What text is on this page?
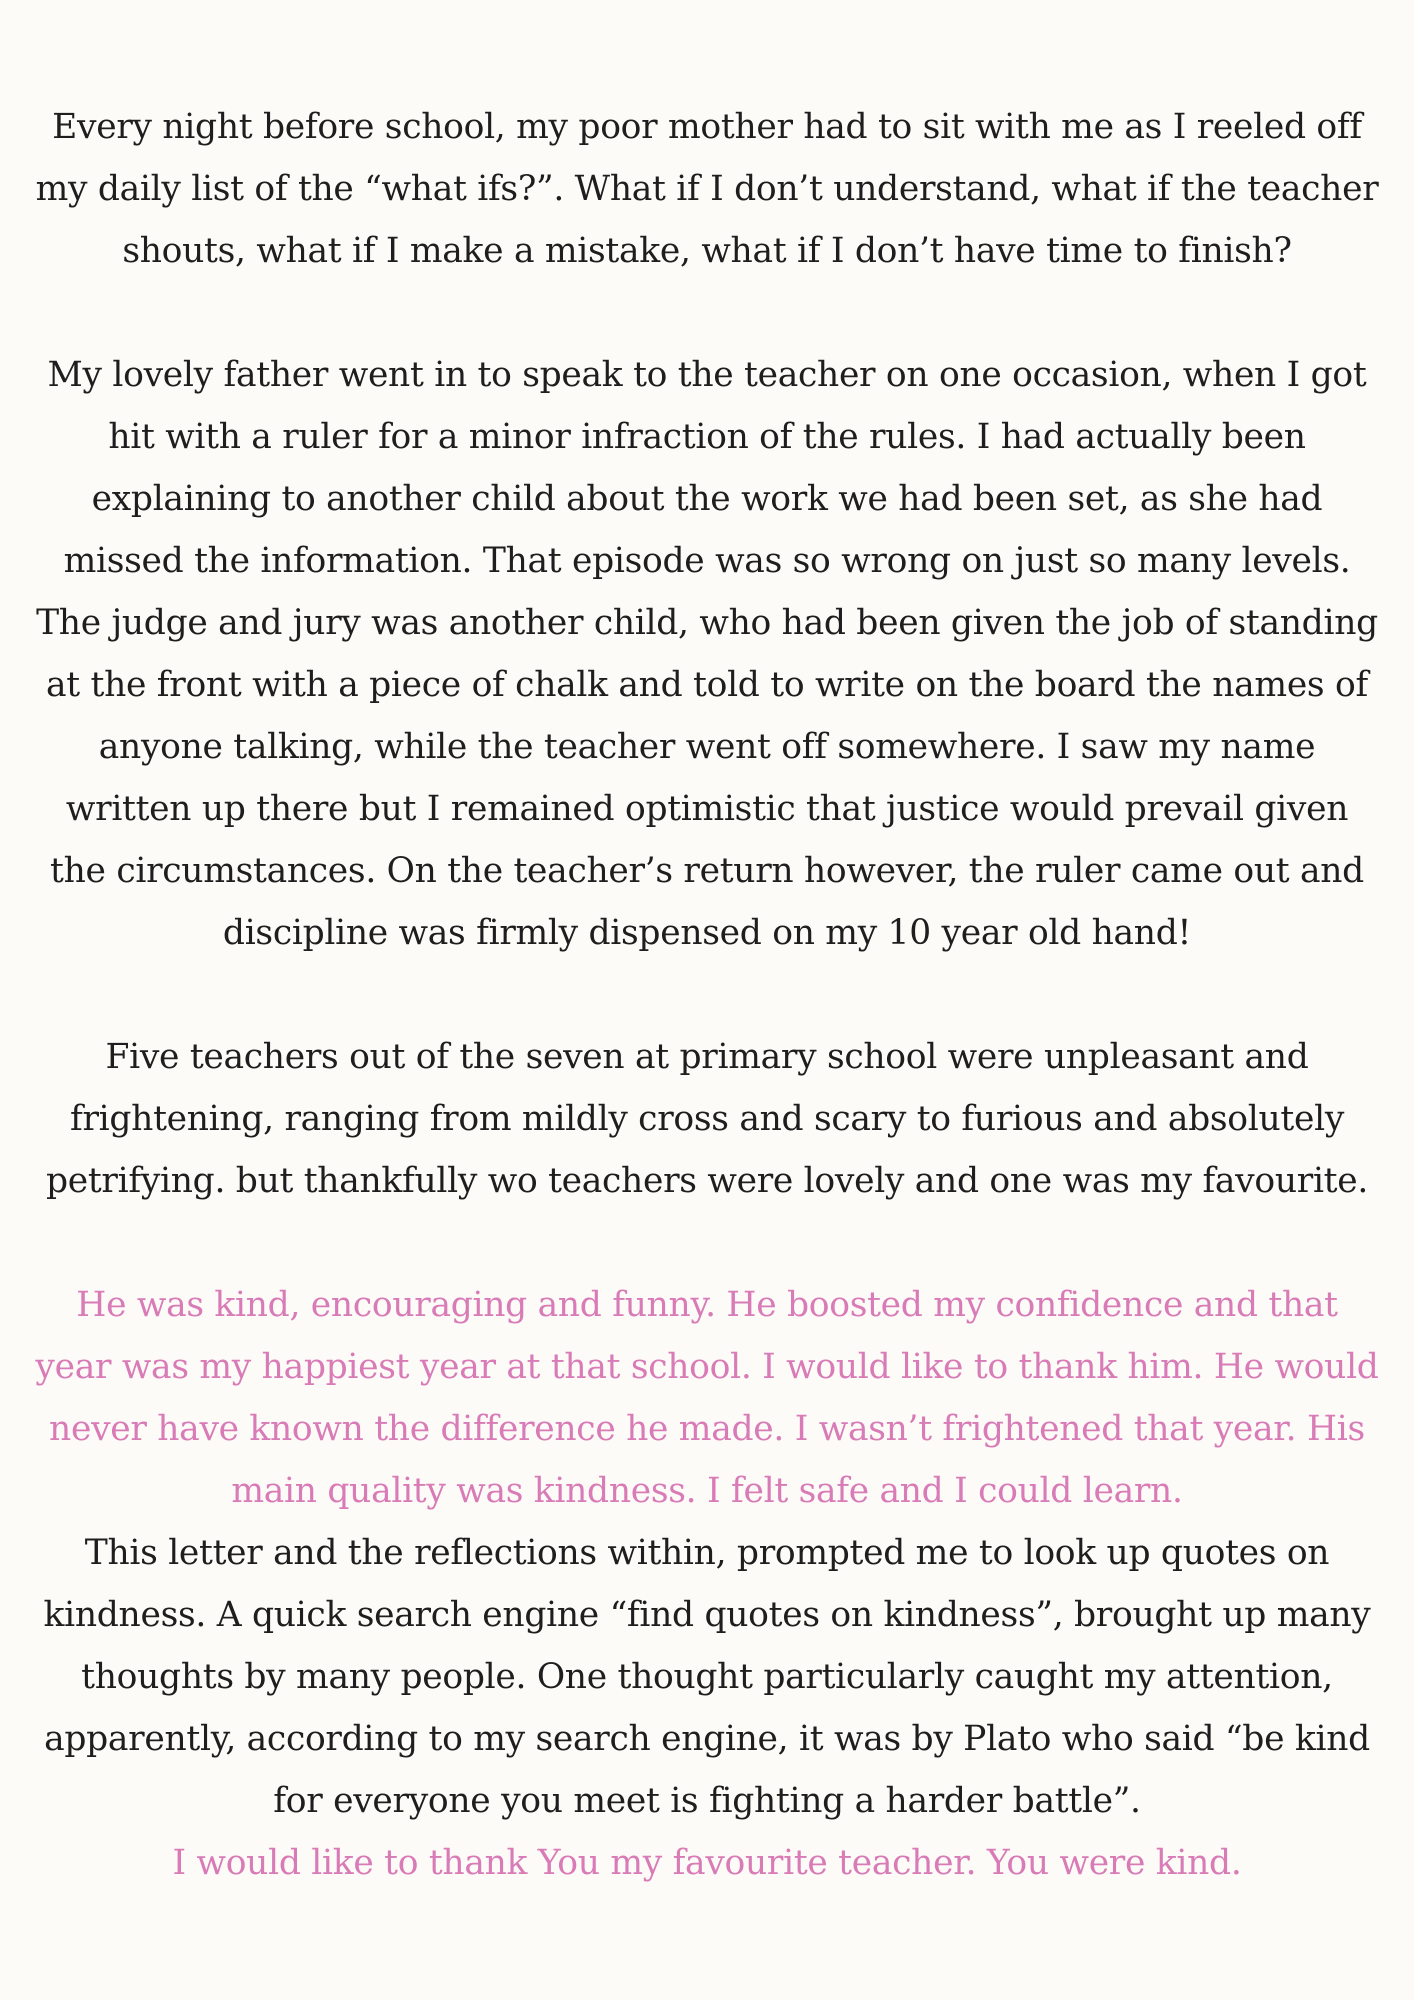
Every night before school, my poor mother had to sit with me as I reeled off my daily list of the “what ifs?”. What if I don’t understand, what if the teacher shouts, what if I make a mistake, what if I don’t have time to finish?

My lovely father went in to speak to the teacher on one occasion, when I got hit with a ruler for a minor infraction of the rules. I had actually been explaining to another child about the work we had been set, as she had missed the information. That episode was so wrong on just so many levels. The judge and jury was another child, who had been given the job of standing at the front with a piece of chalk and told to write on the board the names of anyone talking, while the teacher went off somewhere. I saw my name written up there but I remained optimistic that justice would prevail given the circumstances. On the teacher’s return however, the ruler came out and discipline was firmly dispensed on my 10 year old hand!

Five teachers out of the seven at primary school were unpleasant and frightening, ranging from mildly cross and scary to furious and absolutely petrifying. but thankfully wo teachers were lovely and one was my favourite.

He was kind, encouraging and funny. He boosted my confidence and that year was my happiest year at that school. I would like to thank him. He would never have known the difference he made. I wasn’t frightened that year. His main quality was kindness. I felt safe and I could learn.

This letter and the reflections within, prompted me to look up quotes on kindness. A quick search engine “find quotes on kindness”, brought up many thoughts by many people. One thought particularly caught my attention, apparently, according to my search engine, it was by Plato who said “be kind for everyone you meet is fighting a harder battle”.

I would like to thank You my favourite teacher. You were kind.
